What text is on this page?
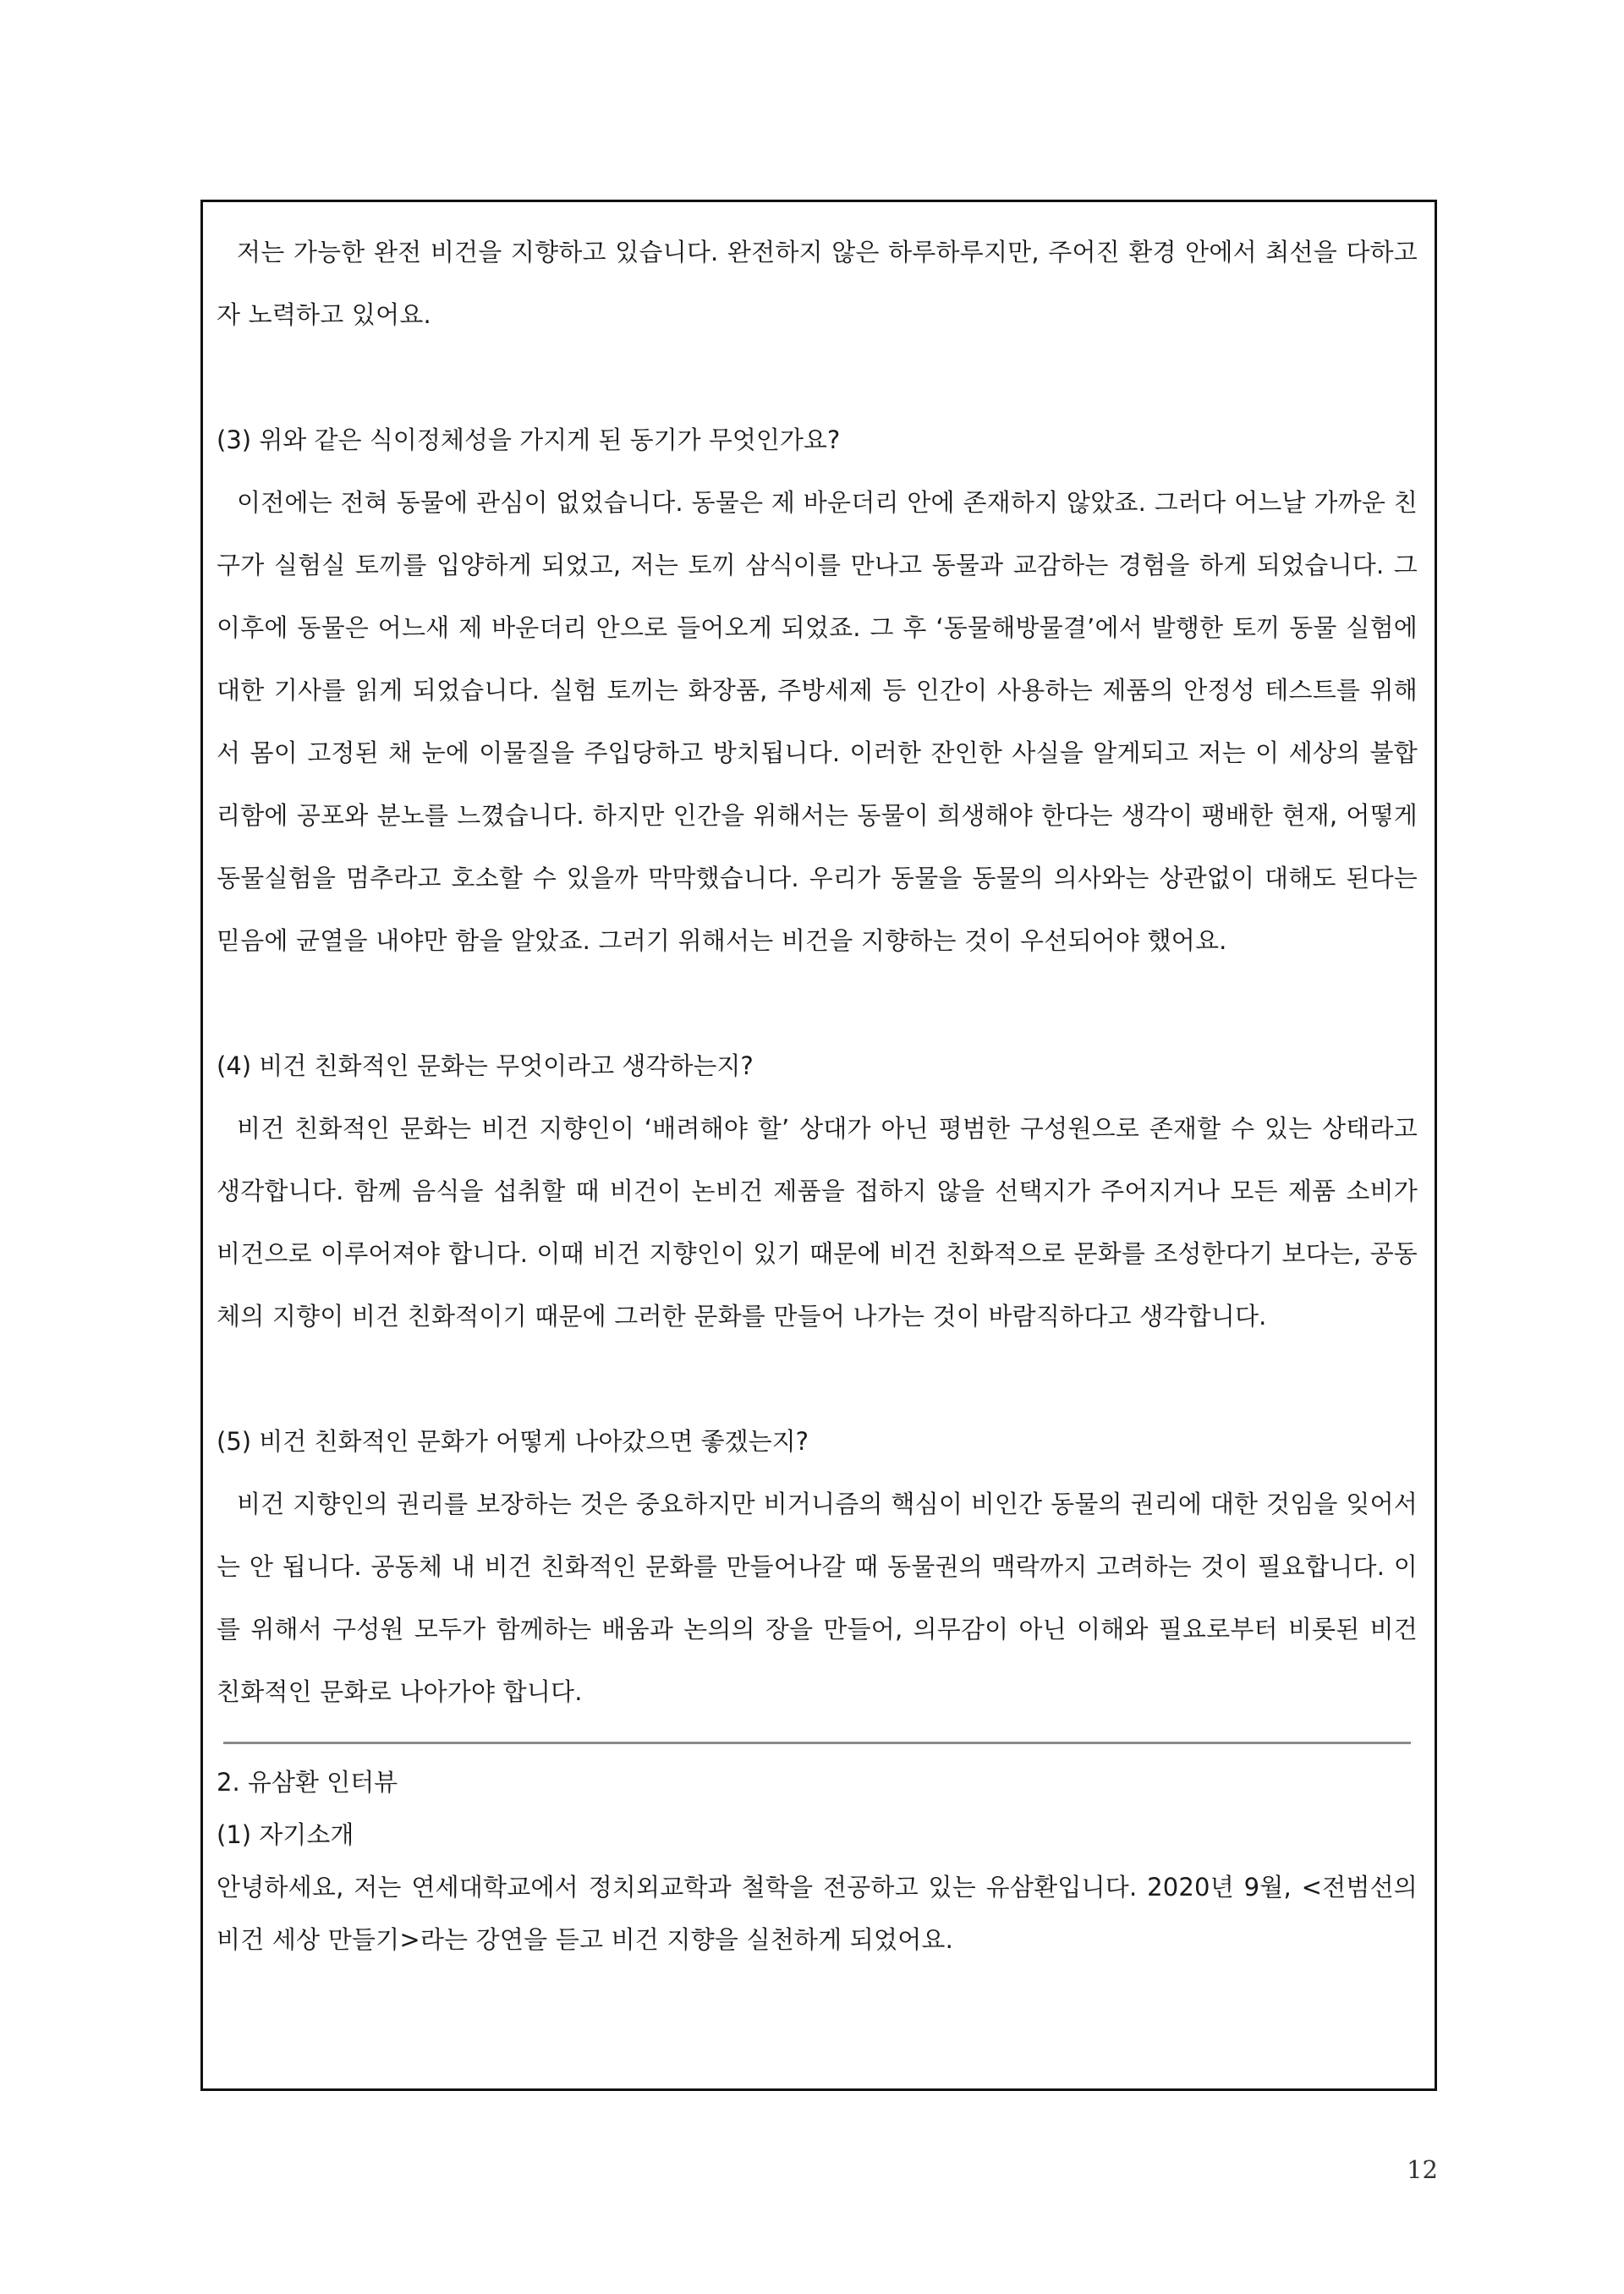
저는 가능한 완전 비건을 지향하고 있습니다. 완전하지 않은 하루하루지만, 주어진 환경 안에서 최선을 다하고자 노력하고 있어요.

(3) 위와 같은 식이정체성을 가지게 된 동기가 무엇인가요?

이전에는 전혀 동물에 관심이 없었습니다. 동물은 제 바운더리 안에 존재하지 않았죠. 그러다 어느날 가까운 친구가 실험실 토끼를 입양하게 되었고, 저는 토끼 삼식이를 만나고 동물과 교감하는 경험을 하게 되었습니다. 그 이후에 동물은 어느새 제 바운더리 안으로 들어오게 되었죠. 그 후 ‘동물해방물결’에서 발행한 토끼 동물 실험에 대한 기사를 읽게 되었습니다. 실험 토끼는 화장품, 주방세제 등 인간이 사용하는 제품의 안정성 테스트를 위해서 몸이 고정된 채 눈에 이물질을 주입당하고 방치됩니다. 이러한 잔인한 사실을 알게되고 저는 이 세상의 불합리함에 공포와 분노를 느꼈습니다. 하지만 인간을 위해서는 동물이 희생해야 한다는 생각이 팽배한 현재, 어떻게 동물실험을 멈추라고 호소할 수 있을까 막막했습니다. 우리가 동물을 동물의 의사와는 상관없이 대해도 된다는 믿음에 균열을 내야만 함을 알았죠. 그러기 위해서는 비건을 지향하는 것이 우선되어야 했어요.

(4) 비건 친화적인 문화는 무엇이라고 생각하는지?

비건 친화적인 문화는 비건 지향인이 ‘배려해야 할’ 상대가 아닌 평범한 구성원으로 존재할 수 있는 상태라고 생각합니다. 함께 음식을 섭취할 때 비건이 논비건 제품을 접하지 않을 선택지가 주어지거나 모든 제품 소비가 비건으로 이루어져야 합니다. 이때 비건 지향인이 있기 때문에 비건 친화적으로 문화를 조성한다기 보다는, 공동체의 지향이 비건 친화적이기 때문에 그러한 문화를 만들어 나가는 것이 바람직하다고 생각합니다.

(5) 비건 친화적인 문화가 어떻게 나아갔으면 좋겠는지?

비건 지향인의 권리를 보장하는 것은 중요하지만 비거니즘의 핵심이 비인간 동물의 권리에 대한 것임을 잊어서는 안 됩니다. 공동체 내 비건 친화적인 문화를 만들어나갈 때 동물권의 맥락까지 고려하는 것이 필요합니다. 이를 위해서 구성원 모두가 함께하는 배움과 논의의 장을 만들어, 의무감이 아닌 이해와 필요로부터 비롯된 비건 친화적인 문화로 나아가야 합니다.

2. 유삼환 인터뷰

(1) 자기소개

안녕하세요, 저는 연세대학교에서 정치외교학과 철학을 전공하고 있는 유삼환입니다. 2020년 9월, <전범선의 비건 세상 만들기>라는 강연을 듣고 비건 지향을 실천하게 되었어요.

12
